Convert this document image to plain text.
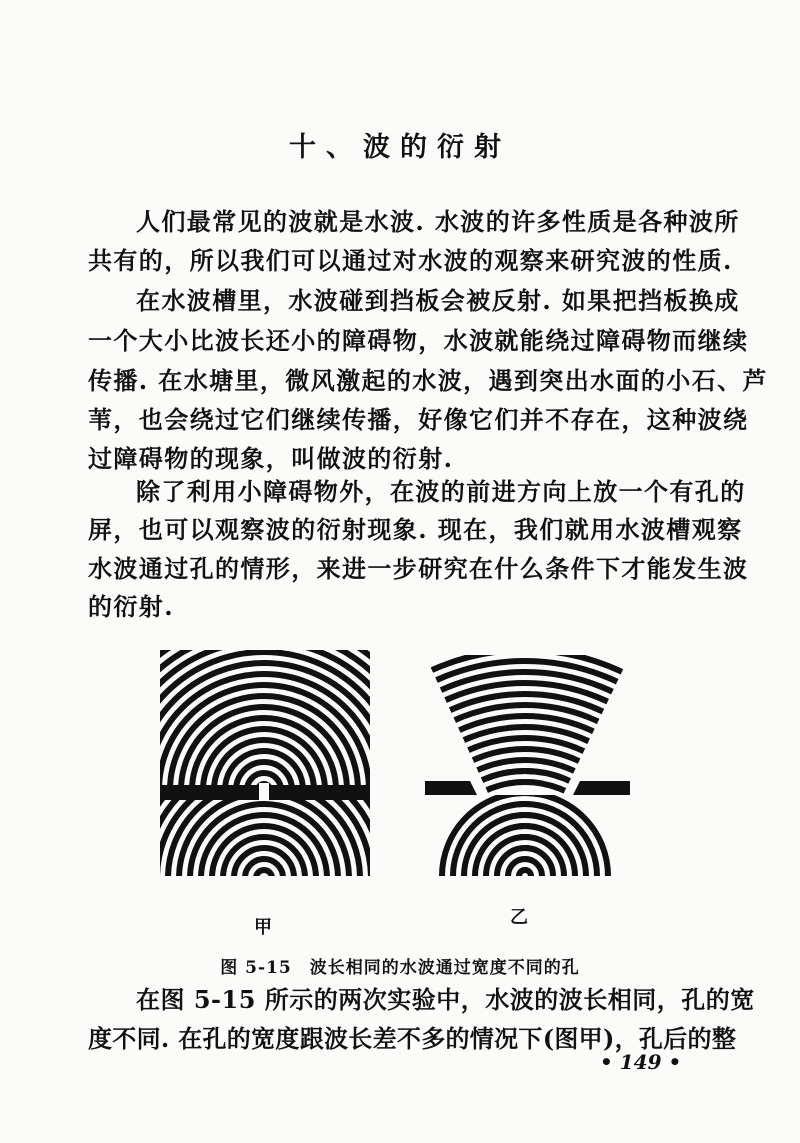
十、波的衍射
人们最常见的波就是水波. 水波的许多性质是各种波所
共有的，所以我们可以通过对水波的观察来研究波的性质.
在水波槽里，水波碰到挡板会被反射. 如果把挡板换成
一个大小比波长还小的障碍物，水波就能绕过障碍物而继续
传播. 在水塘里，微风激起的水波，遇到突出水面的小石、芦
苇，也会绕过它们继续传播，好像它们并不存在，这种波绕
过障碍物的现象，叫做波的衍射.
除了利用小障碍物外，在波的前进方向上放一个有孔的
屏，也可以观察波的衍射现象. 现在，我们就用水波槽观察
水波通过孔的情形，来进一步研究在什么条件下才能发生波
的衍射.
甲	乙
图 5-15　波长相同的水波通过宽度不同的孔
在图 5-15 所示的两次实验中，水波的波长相同，孔的宽
度不同. 在孔的宽度跟波长差不多的情况下(图甲)，孔后的整
• 149 •
